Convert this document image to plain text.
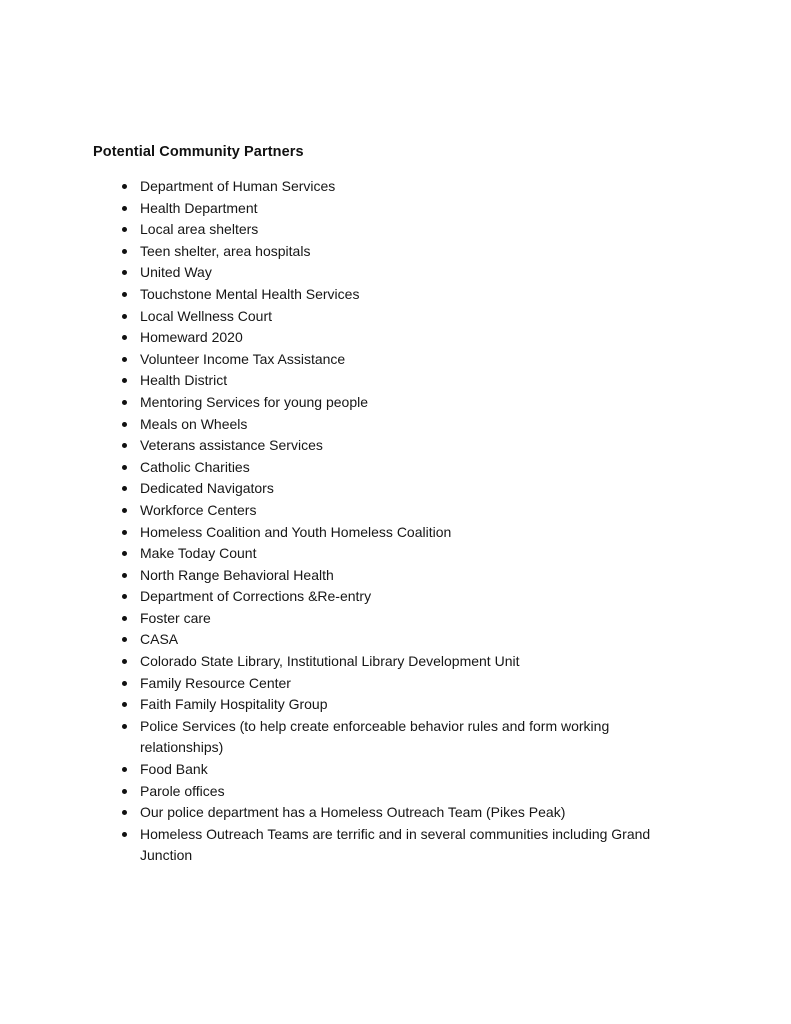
Potential Community Partners
Department of Human Services
Health Department
Local area shelters
Teen shelter, area hospitals
United Way
Touchstone Mental Health Services
Local Wellness Court
Homeward 2020
Volunteer Income Tax Assistance
Health District
Mentoring Services for young people
Meals on Wheels
Veterans assistance Services
Catholic Charities
Dedicated Navigators
Workforce Centers
Homeless Coalition and Youth Homeless Coalition
Make Today Count
North Range Behavioral Health
Department of Corrections &Re-entry
Foster care
CASA
Colorado State Library, Institutional Library Development Unit
Family Resource Center
Faith Family Hospitality Group
Police Services (to help create enforceable behavior rules and form working relationships)
Food Bank
Parole offices
Our police department has a Homeless Outreach Team (Pikes Peak)
Homeless Outreach Teams are terrific and in several communities including Grand Junction
